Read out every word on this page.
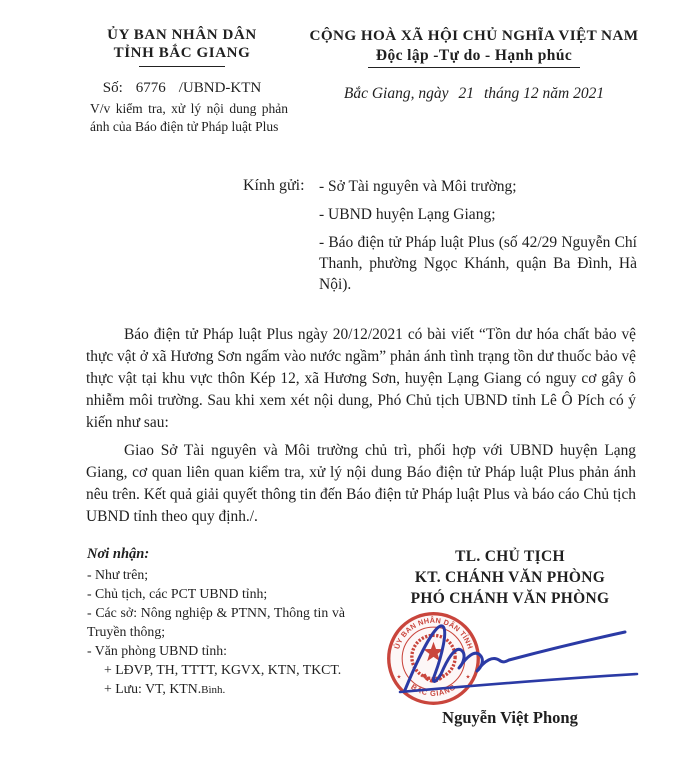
ỦY BAN NHÂN DÂN
TỈNH BẮC GIANG
Số: 6776 /UBND-KTN
V/v kiểm tra, xử lý nội dung phản ánh của Báo điện tử Pháp luật Plus
CỘNG HOÀ XÃ HỘI CHỦ NGHĨA VIỆT NAM
Độc lập -Tự do - Hạnh phúc
Bắc Giang, ngày 21 tháng 12 năm 2021
Kính gửi: - Sở Tài nguyên và Môi trường;
- UBND huyện Lạng Giang;
- Báo điện tử Pháp luật Plus (số 42/29 Nguyễn Chí Thanh, phường Ngọc Khánh, quận Ba Đình, Hà Nội).

Báo điện tử Pháp luật Plus ngày 20/12/2021 có bài viết “Tồn dư hóa chất bảo vệ thực vật ở xã Hương Sơn ngấm vào nước ngầm” phản ánh tình trạng tồn dư thuốc bảo vệ thực vật tại khu vực thôn Kép 12, xã Hương Sơn, huyện Lạng Giang có nguy cơ gây ô nhiễm môi trường. Sau khi xem xét nội dung, Phó Chủ tịch UBND tỉnh Lê Ô Pích có ý kiến như sau:

Giao Sở Tài nguyên và Môi trường chủ trì, phối hợp với UBND huyện Lạng Giang, cơ quan liên quan kiểm tra, xử lý nội dung Báo điện tử Pháp luật Plus phản ánh nêu trên. Kết quả giải quyết thông tin đến Báo điện tử Pháp luật Plus và báo cáo Chủ tịch UBND tỉnh theo quy định./.

Nơi nhận:
- Như trên;
- Chủ tịch, các PCT UBND tỉnh;
- Các sở: Nông nghiệp & PTNN, Thông tin và Truyền thông;
- Văn phòng UBND tỉnh:
+ LĐVP, TH, TTTT, KGVX, KTN, TKCT.
+ Lưu: VT, KTN.Bình.
TL. CHỦ TỊCH
KT. CHÁNH VĂN PHÒNG
PHÓ CHÁNH VĂN PHÒNG
ỦY BAN NHÂN DÂN TỈNH
BẮC GIANG
★	★
Nguyễn Việt Phong
